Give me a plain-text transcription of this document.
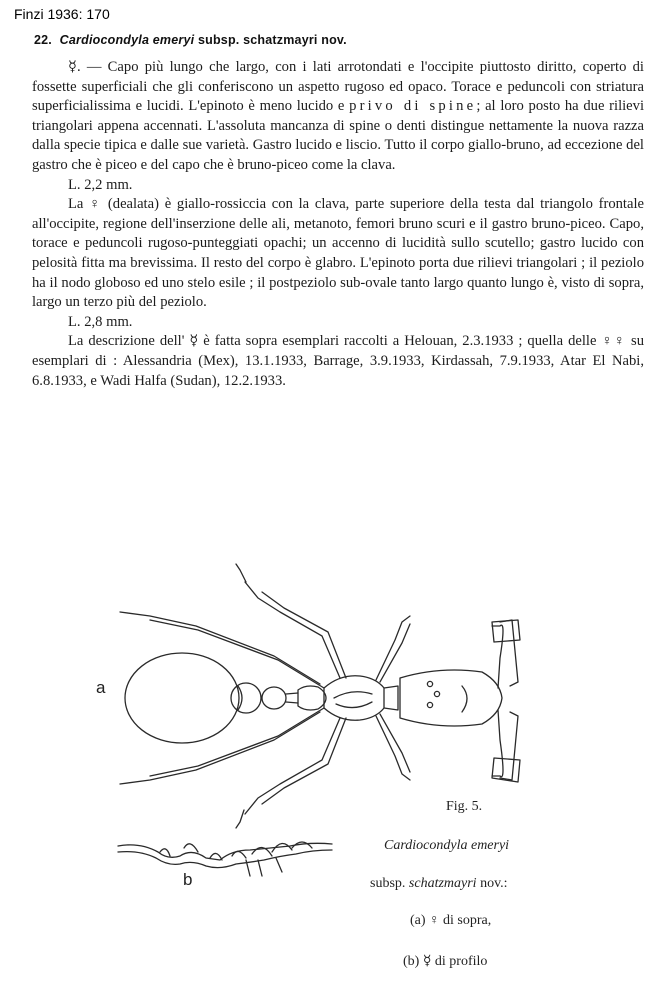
Finzi 1936: 170
22. Cardiocondyla emeryi subsp. schatzmayri nov.

☿. — Capo più lungo che largo, con i lati arrotondati e l'occipite piuttosto diritto, coperto di fossette superficiali che gli conferiscono un aspetto rugoso ed opaco. Torace e peduncoli con striatura superficialissima e lucidi. L'epinoto è meno lucido e privo di spine; al loro posto ha due rilievi triangolari appena accennati. L'assoluta mancanza di spine o denti distingue nettamente la nuova razza dalla specie tipica e dalle sue varietà. Gastro lucido e liscio. Tutto il corpo giallo-bruno, ad eccezione del gastro che è piceo e del capo che è bruno-piceo come la clava.

L. 2,2 mm.

La ♀ (dealata) è giallo-rossiccia con la clava, parte superiore della testa dal triangolo frontale all'occipite, regione dell'inserzione delle ali, metanoto, femori bruno scuri e il gastro bruno-piceo. Capo, torace e peduncoli rugoso-punteggiati opachi; un accenno di lucidità sullo scutello; gastro lucido con pelosità fitta ma brevissima. Il resto del corpo è glabro. L'epinoto porta due rilievi triangolari ; il peziolo ha il nodo globoso ed uno stelo esile ; il postpeziolo sub-ovale tanto largo quanto lungo è, visto di sopra, largo un terzo più del peziolo.

L. 2,8 mm.

La descrizione dell' ☿ è fatta sopra esemplari raccolti a Helouan, 2.3.1933 ; quella delle ♀♀ su esemplari di : Alessandria (Mex), 13.1.1933, Barrage, 3.9.1933, Kirdassah, 7.9.1933, Atar El Nabi, 6.8.1933, e Wadi Halfa (Sudan), 12.2.1933.

a
b
Fig. 5.
Cardiocondyla emeryi
subsp. schatzmayri nov.:
(a) ♀ di sopra,
(b) ☿ di profilo
